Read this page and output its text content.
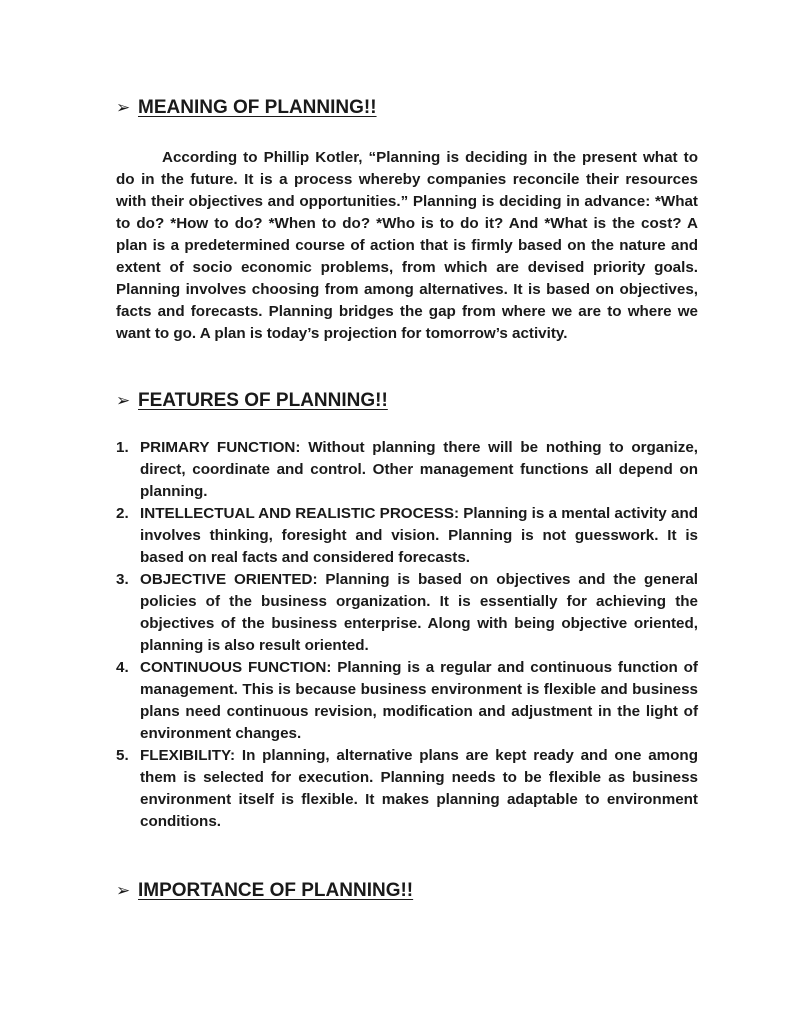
➢ MEANING OF PLANNING!!

According to Phillip Kotler, “Planning is deciding in the present what to do in the future. It is a process whereby companies reconcile their resources with their objectives and opportunities.” Planning is deciding in advance: *What to do? *How to do? *When to do? *Who is to do it? And *What is the cost? A plan is a predetermined course of action that is firmly based on the nature and extent of socio economic problems, from which are devised priority goals. Planning involves choosing from among alternatives. It is based on objectives, facts and forecasts. Planning bridges the gap from where we are to where we want to go. A plan is today’s projection for tomorrow’s activity.

➢ FEATURES OF PLANNING!!
1. PRIMARY FUNCTION: Without planning there will be nothing to organize, direct, coordinate and control. Other management functions all depend on planning.
2. INTELLECTUAL AND REALISTIC PROCESS: Planning is a mental activity and involves thinking, foresight and vision. Planning is not guesswork. It is based on real facts and considered forecasts.
3. OBJECTIVE ORIENTED: Planning is based on objectives and the general policies of the business organization. It is essentially for achieving the objectives of the business enterprise. Along with being objective oriented, planning is also result oriented.
4. CONTINUOUS FUNCTION: Planning is a regular and continuous function of management. This is because business environment is flexible and business plans need continuous revision, modification and adjustment in the light of environment changes.
5. FLEXIBILITY: In planning, alternative plans are kept ready and one among them is selected for execution. Planning needs to be flexible as business environment itself is flexible. It makes planning adaptable to environment conditions.
➢ IMPORTANCE OF PLANNING!!
